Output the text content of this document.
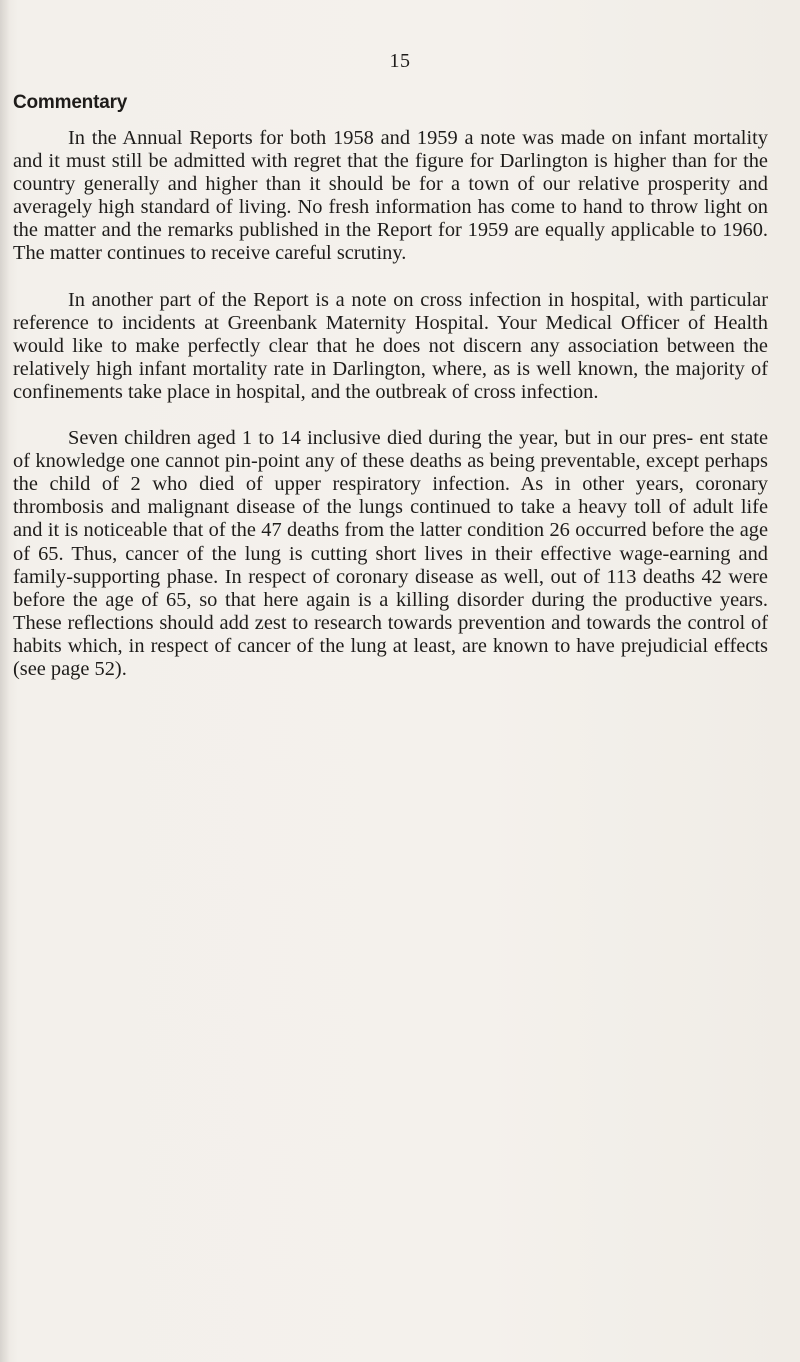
15
Commentary

In the Annual Reports for both 1958 and 1959 a note was made on infant mortality and it must still be admitted with regret that the figure for Darlington is higher than for the country generally and higher than it should be for a town of our relative prosperity and averagely high standard of living. No fresh information has come to hand to throw light on the matter and the remarks published in the Report for 1959 are equally applicable to 1960. The matter continues to receive careful scrutiny.

In another part of the Report is a note on cross infection in hospital, with particular reference to incidents at Greenbank Maternity Hospital. Your Medical Officer of Health would like to make perfectly clear that he does not discern any association between the relatively high infant mortality rate in Darlington, where, as is well known, the majority of confinements take place in hospital, and the outbreak of cross infection.

Seven children aged 1 to 14 inclusive died during the year, but in our pres- ent state of knowledge one cannot pin-point any of these deaths as being preventable, except perhaps the child of 2 who died of upper respiratory infection. As in other years, coronary thrombosis and malignant disease of the lungs continued to take a heavy toll of adult life and it is noticeable that of the 47 deaths from the latter condition 26 occurred before the age of 65. Thus, cancer of the lung is cutting short lives in their effective wage-earning and family-supporting phase. In respect of coronary disease as well, out of 113 deaths 42 were before the age of 65, so that here again is a killing disorder during the productive years. These reflections should add zest to research towards prevention and towards the control of habits which, in respect of cancer of the lung at least, are known to have prejudicial effects (see page 52).
